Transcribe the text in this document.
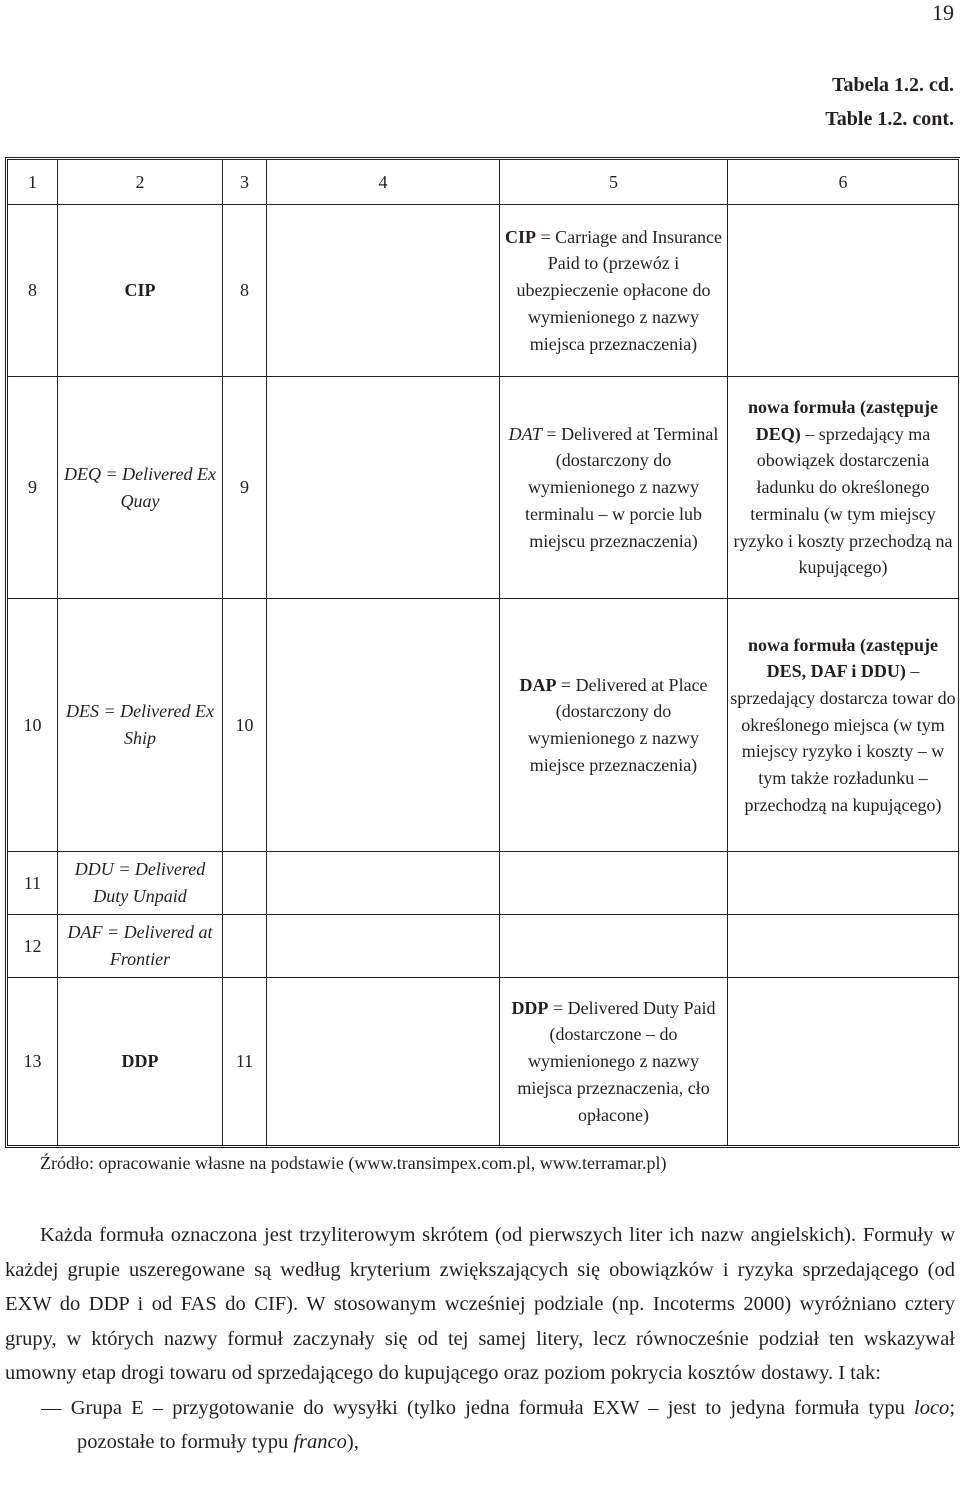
19
Tabela 1.2. cd.
Table 1.2. cont.
1	2	3	4	5	6
8	CIP	8		CIP = Carriage and Insurance Paid to (przewóz i ubezpieczenie opłacone do wymienionego z nazwy miejsca przeznaczenia)	
9	DEQ = Delivered Ex Quay	9		DAT = Delivered at Terminal (dostarczony do wymienionego z nazwy terminalu – w porcie lub miejscu przeznaczenia)	nowa formuła (zastępuje DEQ) – sprzedający ma obowiązek dostarczenia ładunku do określonego terminalu (w tym miejscy ryzyko i koszty przechodzą na kupującego)
10	DES = Delivered Ex Ship	10		DAP = Delivered at Place (dostarczony do wymienionego z nazwy miejsce przeznaczenia)	nowa formuła (zastępuje DES, DAF i DDU) – sprzedający dostarcza towar do określonego miejsca (w tym miejscy ryzyko i koszty – w tym także rozładunku – przechodzą na kupującego)
11	DDU = Delivered Duty Unpaid				
12	DAF = Delivered at Frontier				
13	DDP	11		DDP = Delivered Duty Paid (dostarczone – do wymienionego z nazwy miejsca przeznaczenia, cło opłacone)	
Źródło: opracowanie własne na podstawie (www.transimpex.com.pl, www.terramar.pl)

Każda formuła oznaczona jest trzyliterowym skrótem (od pierwszych liter ich nazw angielskich). Formuły w każdej grupie uszeregowane są według kryterium zwiększających się obowiązków i ryzyka sprzedającego (od EXW do DDP i od FAS do CIF). W stosowanym wcześniej podziale (np. Incoterms 2000) wyróżniano cztery grupy, w których nazwy formuł zaczynały się od tej samej litery, lecz równocześnie podział ten wskazywał umowny etap drogi towaru od sprzedającego do kupującego oraz poziom pokrycia kosztów dostawy. I tak:

— Grupa E – przygotowanie do wysyłki (tylko jedna formuła EXW – jest to jedyna formuła typu loco; pozostałe to formuły typu franco),
